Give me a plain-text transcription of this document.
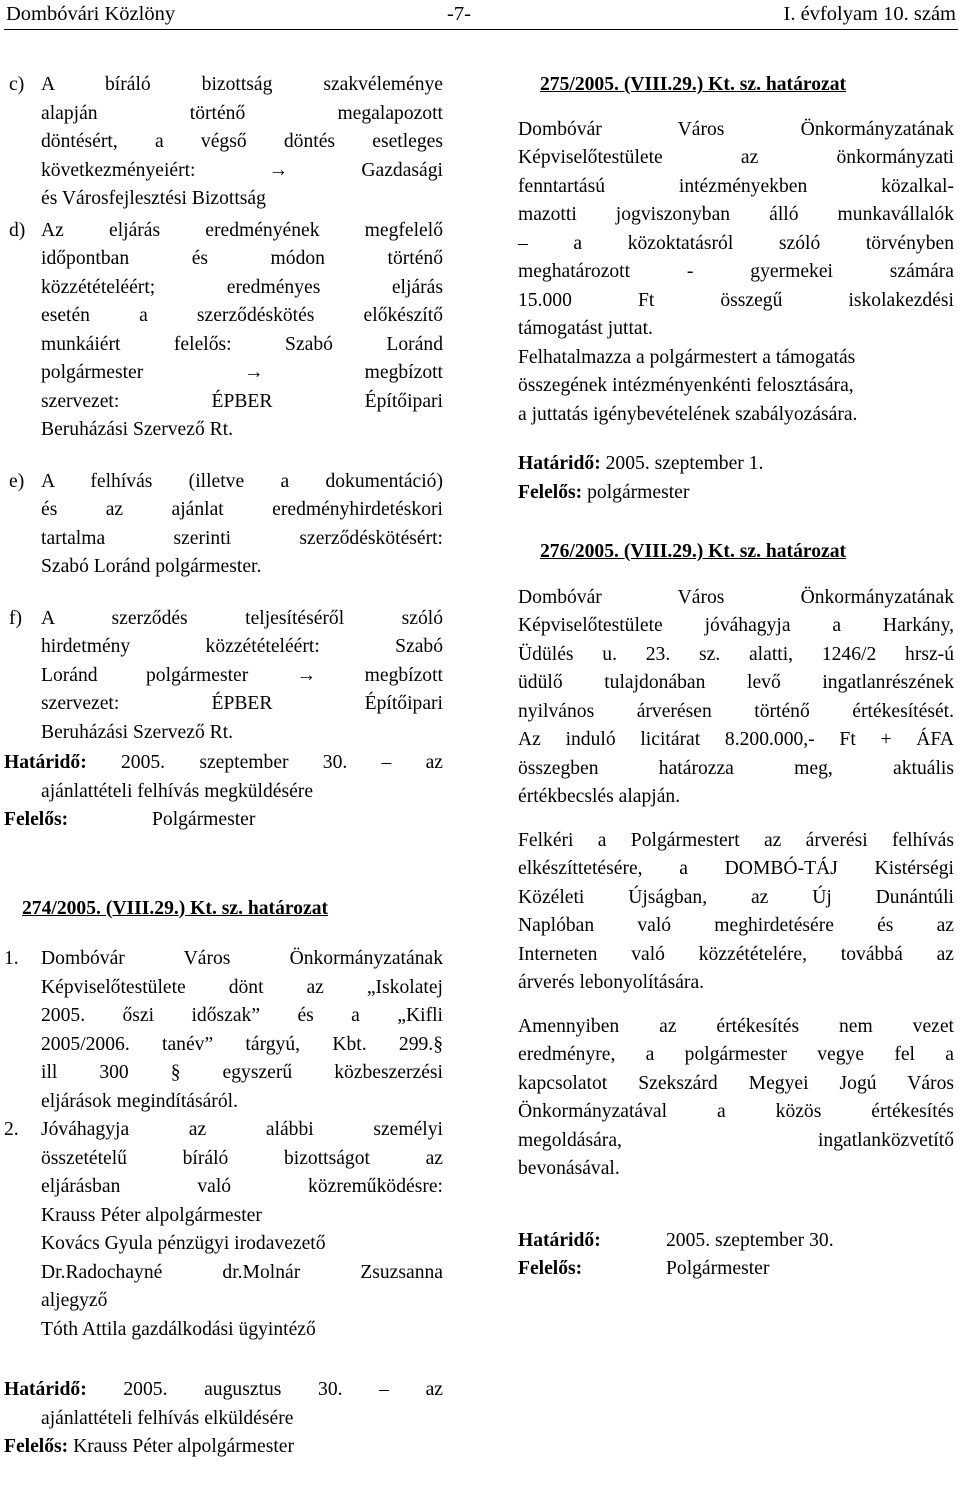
Dombóvári Közlöny	-7-	I. évfolyam 10. szám
c) A bíráló bizottság szakvéleménye
alapján történő megalapozott
döntésért, a végső döntés esetleges
következményeiért: → Gazdasági
és Városfejlesztési Bizottság
d) Az eljárás eredményének megfelelő
időpontban és módon történő
közzétételéért; eredményes eljárás
esetén a szerződéskötés előkészítő
munkáiért felelős: Szabó Loránd
polgármester → megbízott
szervezet: ÉPBER Építőipari
Beruházási Szervező Rt.
e) A felhívás (illetve a dokumentáció)
és az ajánlat eredményhirdetéskori
tartalma szerinti szerződéskötésért:
Szabó Loránd polgármester.
f) A szerződés teljesítéséről szóló
hirdetmény közzétételéért: Szabó
Loránd polgármester → megbízott
szervezet: ÉPBER Építőipari
Beruházási Szervező Rt.
Határidő: 2005. szeptember 30. – az
ajánlattételi felhívás megküldésére
Felelős:	Polgármester
274/2005. (VIII.29.) Kt. sz. határozat
1. Dombóvár Város Önkormányzatának
Képviselőtestülete dönt az „Iskolatej
2005. őszi időszak” és a „Kifli
2005/2006. tanév” tárgyú, Kbt. 299.§
ill 300 § egyszerű közbeszerzési
eljárások megindításáról.
2. Jóváhagyja az alábbi személyi
összetételű bíráló bizottságot az
eljárásban való közreműködésre:
Krauss Péter alpolgármester
Kovács Gyula pénzügyi irodavezető
Dr.Radochayné dr.Molnár Zsuzsanna
aljegyző
Tóth Attila gazdálkodási ügyintéző
Határidő: 2005. augusztus 30. – az
ajánlattételi felhívás elküldésére
Felelős: Krauss Péter alpolgármester
275/2005. (VIII.29.) Kt. sz. határozat
Dombóvár Város Önkormányzatának
Képviselőtestülete az önkormányzati
fenntartású intézményekben közalkal-
mazotti jogviszonyban álló munkavállalók
– a közoktatásról szóló törvényben
meghatározott - gyermekei számára
15.000 Ft összegű iskolakezdési
támogatást juttat.
Felhatalmazza a polgármestert a támogatás
összegének intézményenkénti felosztására,
a juttatás igénybevételének szabályozására.
Határidő: 2005. szeptember 1.
Felelős: polgármester
276/2005. (VIII.29.) Kt. sz. határozat
Dombóvár Város Önkormányzatának
Képviselőtestülete jóváhagyja a Harkány,
Üdülés u. 23. sz. alatti, 1246/2 hrsz-ú
üdülő tulajdonában levő ingatlanrészének
nyilvános árverésen történő értékesítését.
Az induló licitárat 8.200.000,- Ft + ÁFA
összegben határozza meg, aktuális
értékbecslés alapján.
Felkéri a Polgármestert az árverési felhívás
elkészíttetésére, a DOMBÓ-TÁJ Kistérségi
Közéleti Újságban, az Új Dunántúli
Naplóban való meghirdetésére és az
Interneten való közzétételére, továbbá az
árverés lebonyolítására.
Amennyiben az értékesítés nem vezet
eredményre, a polgármester vegye fel a
kapcsolatot Szekszárd Megyei Jogú Város
Önkormányzatával a közös értékesítés
megoldására, ingatlanközvetítő
bevonásával.
Határidő:	2005. szeptember 30.
Felelős:	Polgármester
